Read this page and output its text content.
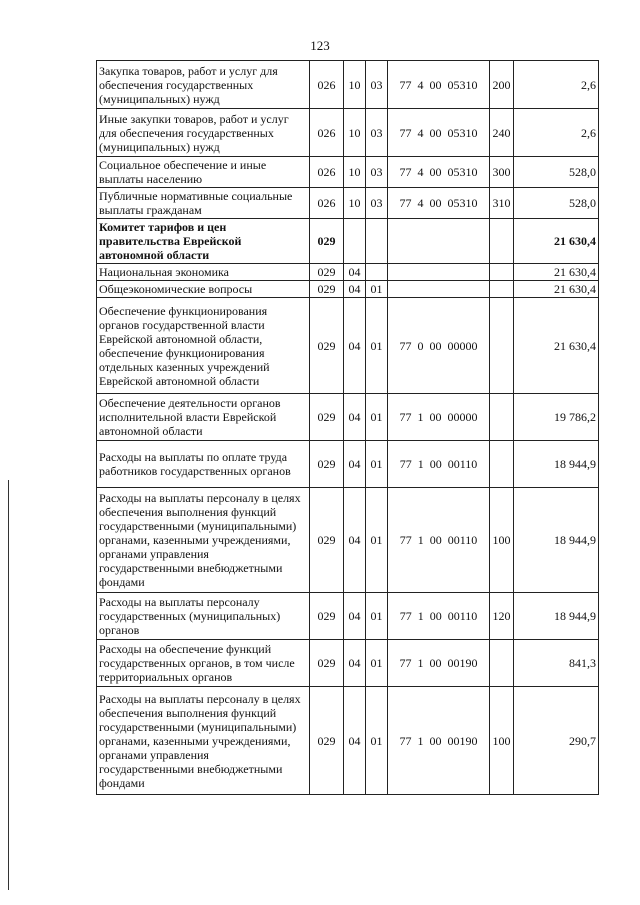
123
Закупка товаров, работ и услуг для обеспечения государственных (муниципальных) нужд	026	10	03	77 4 00 05310	200	2,6
Иные закупки товаров, работ и услуг для обеспечения государственных (муниципальных) нужд	026	10	03	77 4 00 05310	240	2,6
Социальное обеспечение и иные выплаты населению	026	10	03	77 4 00 05310	300	528,0
Публичные нормативные социальные выплаты гражданам	026	10	03	77 4 00 05310	310	528,0
Комитет тарифов и цен правительства Еврейской автономной области	029					21 630,4
Национальная экономика	029	04				21 630,4
Общеэкономические вопросы	029	04	01			21 630,4
Обеспечение функционирования органов государственной власти Еврейской автономной области, обеспечение функционирования отдельных казенных учреждений Еврейской автономной области	029	04	01	77 0 00 00000		21 630,4
Обеспечение деятельности органов исполнительной власти Еврейской автономной области	029	04	01	77 1 00 00000		19 786,2
Расходы на выплаты по оплате труда работников государственных органов	029	04	01	77 1 00 00110		18 944,9
Расходы на выплаты персоналу в целях обеспечения выполнения функций государственными (муниципальными) органами, казенными учреждениями, органами управления государственными внебюджетными фондами	029	04	01	77 1 00 00110	100	18 944,9
Расходы на выплаты персоналу государственных (муниципальных) органов	029	04	01	77 1 00 00110	120	18 944,9
Расходы на обеспечение функций государственных органов, в том числе территориальных органов	029	04	01	77 1 00 00190		841,3
Расходы на выплаты персоналу в целях обеспечения выполнения функций государственными (муниципальными) органами, казенными учреждениями, органами управления государственными внебюджетными фондами	029	04	01	77 1 00 00190	100	290,7
